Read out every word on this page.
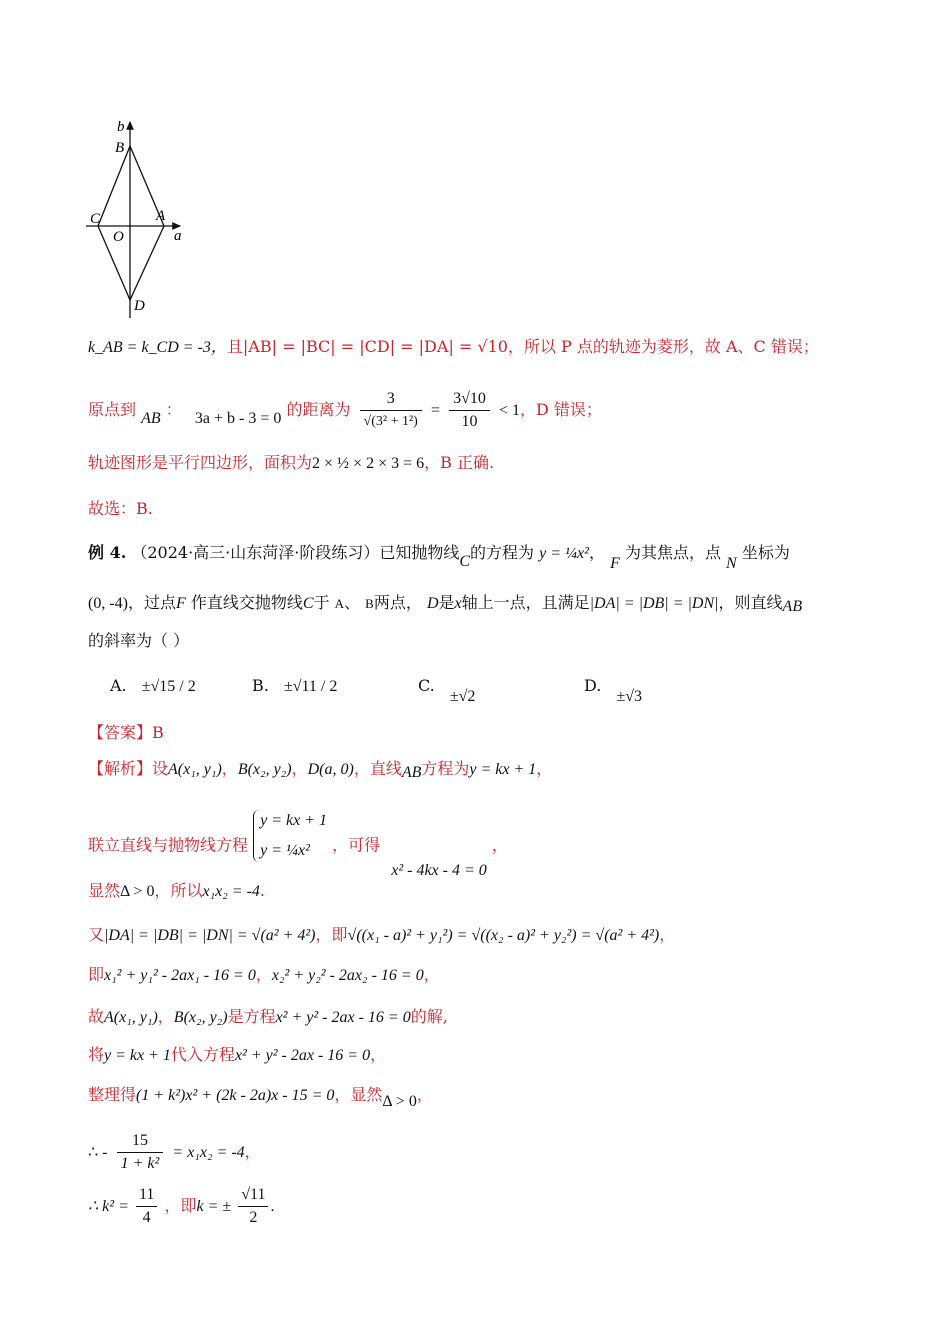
b
B
C
O
A
a
D
k_AB = k_CD = -3，且|AB| = |BC| = |CD| = |DA| = √10，所以 P 点的轨迹为菱形，故 A、C 错误；
原点到 AB ： 3a + b - 3 = 0 的距离为 $\frac{3}{\text{√(3² + 1²)}} = \frac{3√10}{10} < 1$，D 错误；
轨迹图形是平行四边形，面积为2 × ½ × 2 × 3 = 6，B 正确.
故选：B.
例 4. （2024·高三·山东菏泽·阶段练习）已知抛物线C的方程为 y = ¼x²， F 为其焦点，点 N 坐标为
(0, -4)，过点F 作直线交抛物线C于 A、 B两点， D是x轴上一点，且满足|DA| = |DB| = |DN|，则直线AB
的斜率为（ ）
A. ±√15 / 2	B. ±√11 / 2	C. ±√2
D. ±√3
【答案】B
【解析】设A(x₁, y₁)，B(x₂, y₂)，D(a, 0)，直线AB方程为y = kx + 1，
联立直线与抛物线方程
y = kx + 1
y = ¼x²	，可得 x² - 4kx - 4 = 0 ，
显然Δ > 0，所以x₁x₂ = -4.
又|DA| = |DB| = |DN| = √(a² + 4²)，即√((x₁ - a)² + y₁²) = √((x₂ - a)² + y₂²) = √(a² + 4²)，
即x₁² + y₁² - 2ax₁ - 16 = 0，x₂² + y₂² - 2ax₂ - 16 = 0，
故A(x₁, y₁)，B(x₂, y₂)是方程x² + y² - 2ax - 16 = 0的解,
将y = kx + 1代入方程x² + y² - 2ax - 16 = 0，
整理得(1 + k²)x² + (2k - 2a)x - 15 = 0，显然Δ > 0，
∴ - $\frac{15}{\text{1 + k²}} = x_1x_2 = -4$，
∴ $k^2 = \frac{11}{4}$ ，即k = ± $\frac{√11}{2}$ .
